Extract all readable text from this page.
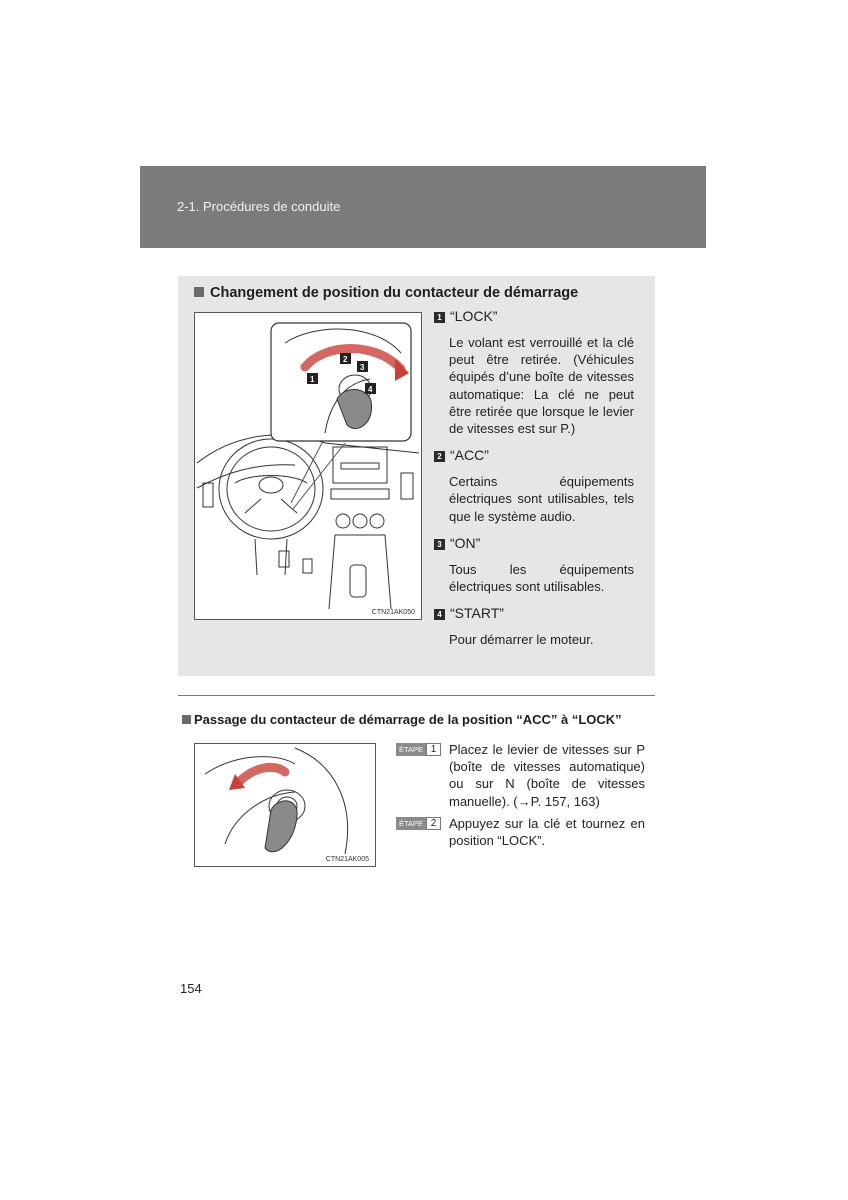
2-1. Procédures de conduite
Changement de position du contacteur de démarrage
1
2
3
4
CTN21AK050
1 “LOCK”
Le volant est verrouillé et la clé peut être retirée. (Véhicules équipés d’une boîte de vitesses automatique: La clé ne peut être retirée que lorsque le levier de vitesses est sur P.)
2 “ACC”
Certains équipements électriques sont utilisables, tels que le système audio.
3 “ON”
Tous les équipements électriques sont utilisables.
4 “START”
Pour démarrer le moteur.
Passage du contacteur de démarrage de la position “ACC” à “LOCK”
CTN21AK005
ÉTAPE 1 Placez le levier de vitesses sur P (boîte de vitesses automatique) ou sur N (boîte de vitesses manuelle). (→P. 157, 163)
ÉTAPE 2 Appuyez sur la clé et tournez en position “LOCK”.
154
